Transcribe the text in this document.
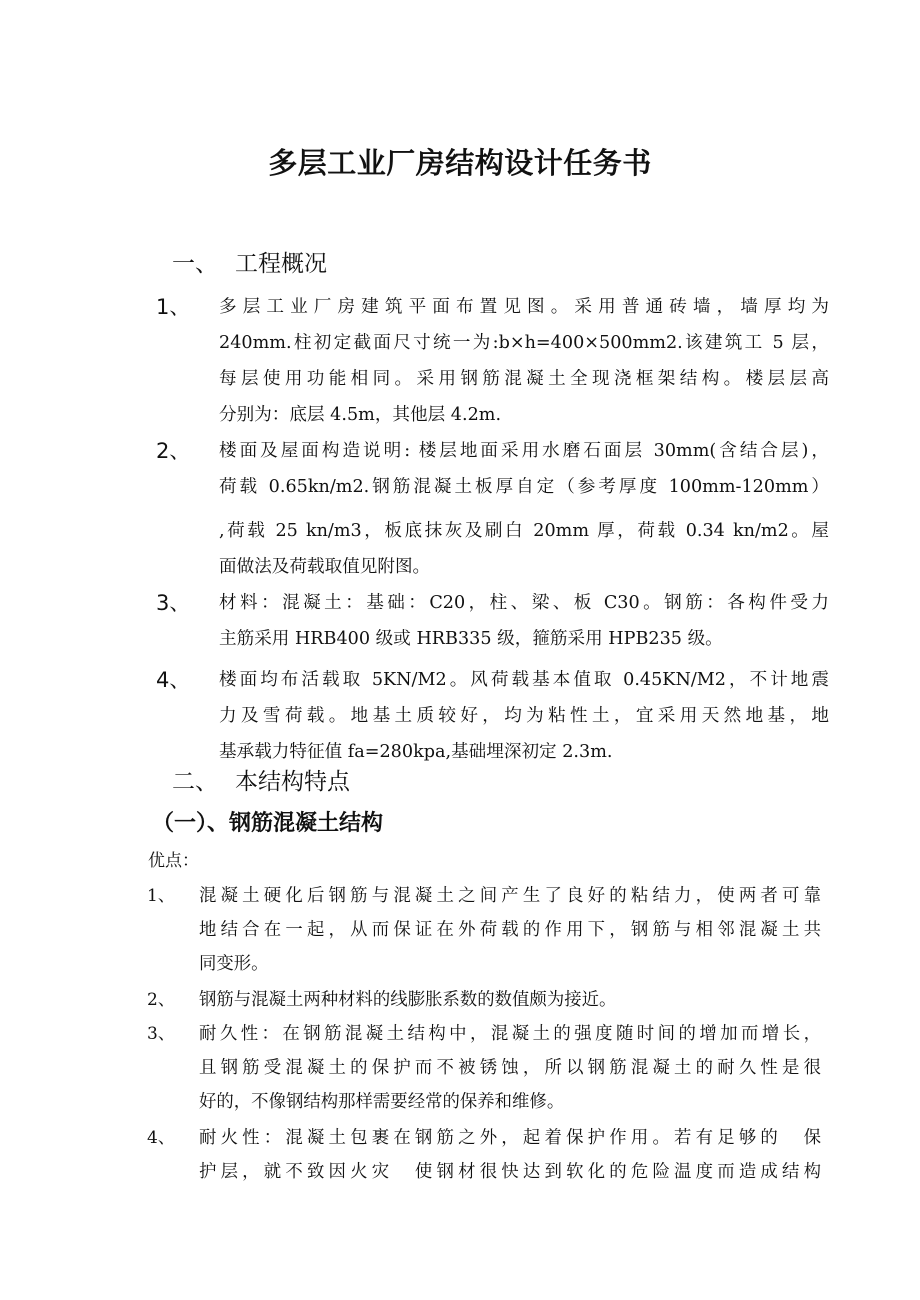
多层工业厂房结构设计任务书
一、 工程概况
1、 多层工业厂房建筑平面布置见图。采用普通砖墙，墙厚均为
240mm.柱初定截面尺寸统一为:b×h=400×500mm2.该建筑工 5 层，
每层使用功能相同。采用钢筋混凝土全现浇框架结构。楼层层高
分别为：底层 4.5m，其他层 4.2m.
2、 楼面及屋面构造说明: 楼层地面采用水磨石面层 30mm(含结合层)，
荷载 0.65kn/m2.钢筋混凝土板厚自定（参考厚度 100mm-120mm）
,荷载 25 kn/m3，板底抹灰及刷白 20mm 厚，荷载 0.34 kn/m2。屋
面做法及荷载取值见附图。
3、 材料：混凝土：基础：C20，柱、梁、板 C30。钢筋：各构件受力
主筋采用 HRB400 级或 HRB335 级，箍筋采用 HPB235 级。
4、 楼面均布活载取 5KN/M2。风荷载基本值取 0.45KN/M2，不计地震
力及雪荷载。地基土质较好，均为粘性土，宜采用天然地基，地
基承载力特征值 fa=280kpa,基础埋深初定 2.3m.
二、 本结构特点
（一）、钢筋混凝土结构
优点：
1、 混凝土硬化后钢筋与混凝土之间产生了良好的粘结力，使两者可靠
地结合在一起，从而保证在外荷载的作用下，钢筋与相邻混凝土共
同变形。
2、 钢筋与混凝土两种材料的线膨胀系数的数值颇为接近。
3、 耐久性：在钢筋混凝土结构中，混凝土的强度随时间的增加而增长，
且钢筋受混凝土的保护而不被锈蚀，所以钢筋混凝土的耐久性是很
好的，不像钢结构那样需要经常的保养和维修。
4、 耐火性：混凝土包裹在钢筋之外，起着保护作用。若有足够的　保
护层，就不致因火灾　使钢材很快达到软化的危险温度而造成结构
